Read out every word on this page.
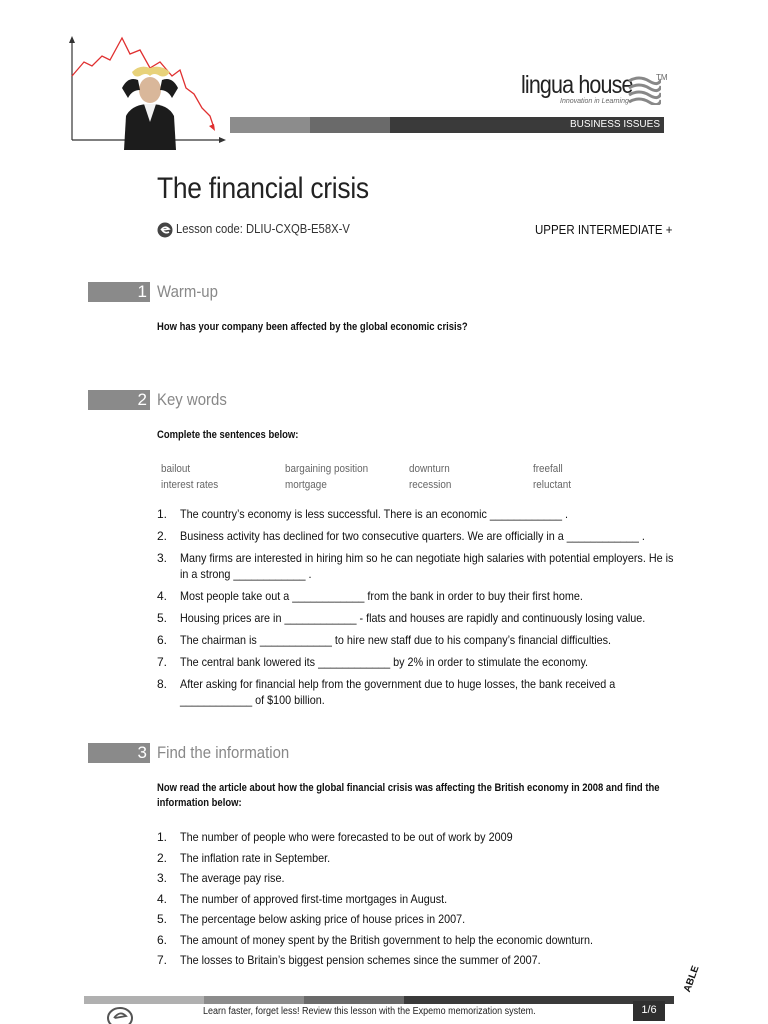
lingua house
Innovation in Learning
TM
BUSINESS ISSUES
The financial crisis
Lesson code: DLIU-CXQB-E58X-V	UPPER INTERMEDIATE +
1 Warm-up
How has your company been affected by the global economic crisis?
2 Key words
Complete the sentences below:
bailout	bargaining position	downturn	freefall
interest rates	mortgage	recession	reluctant
1. The country’s economy is less successful. There is an economic ____________ .
2. Business activity has declined for two consecutive quarters. We are officially in a ____________ .
3. Many firms are interested in hiring him so he can negotiate high salaries with potential employers. He is in a strong ____________ .
4. Most people take out a ____________ from the bank in order to buy their first home.
5. Housing prices are in ____________ - flats and houses are rapidly and continuously losing value.
6. The chairman is ____________ to hire new staff due to his company’s financial difficulties.
7. The central bank lowered its ____________ by 2% in order to stimulate the economy.
8. After asking for financial help from the government due to huge losses, the bank received a ____________ of $100 billion.
3 Find the information
Now read the article about how the global financial crisis was affecting the British economy in 2008 and find the information below:
1. The number of people who were forecasted to be out of work by 2009
2. The inflation rate in September.
3. The average pay rise.
4. The number of approved first-time mortgages in August.
5. The percentage below asking price of house prices in 2007.
6. The amount of money spent by the British government to help the economic downturn.
7. The losses to Britain’s biggest pension schemes since the summer of 2007.
Learn faster, forget less! Review this lesson with the Expemo memorization system.	1/6
ABLE
